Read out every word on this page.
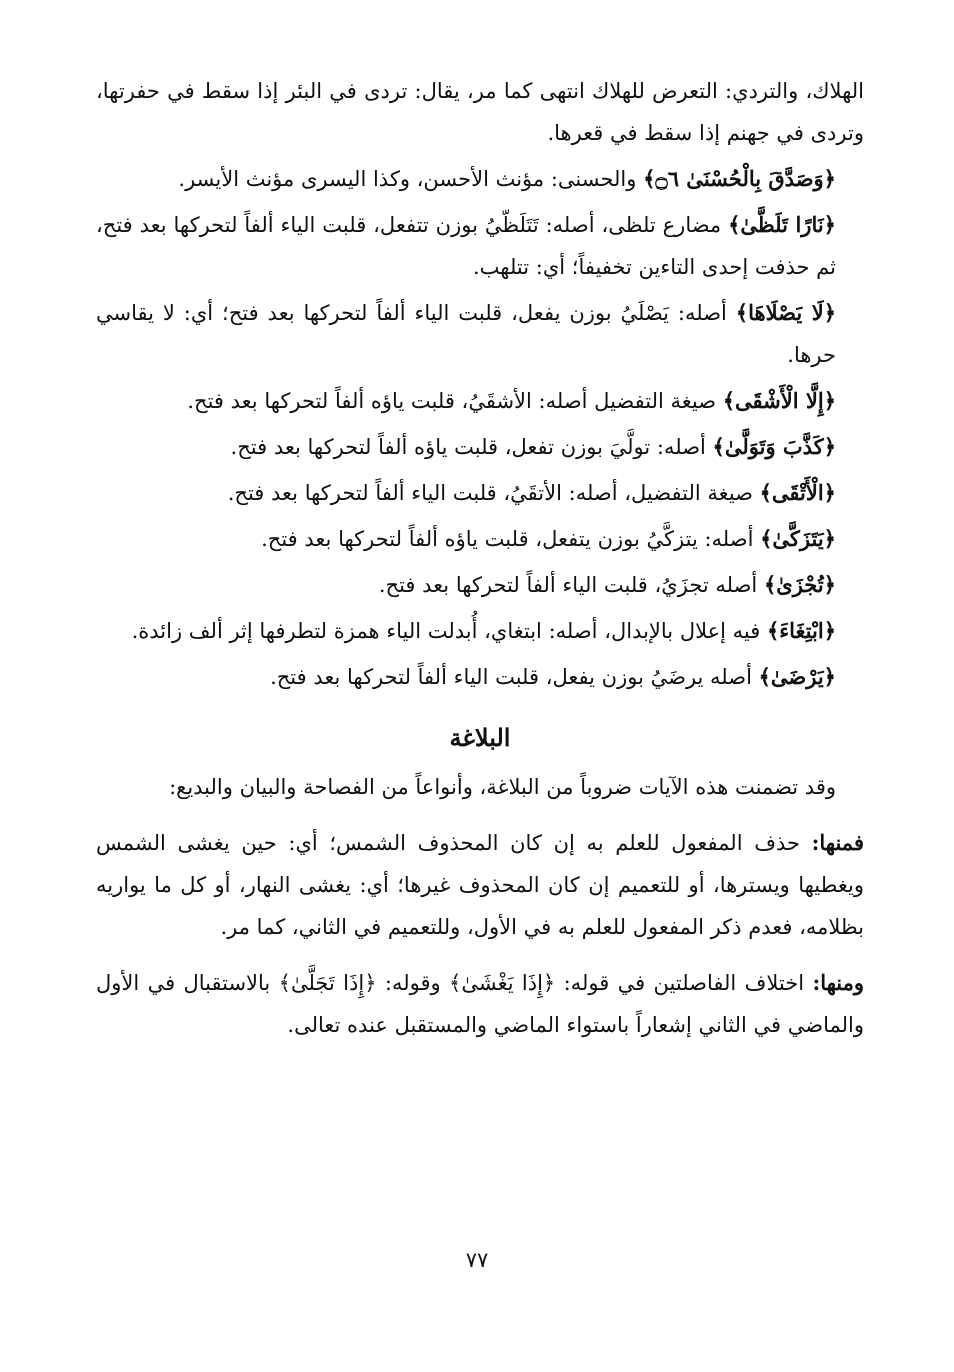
الهلاك، والتردي: التعرض للهلاك انتهى كما مر، يقال: تردى في البئر إذا سقط في حفرتها، وتردى في جهنم إذا سقط في قعرها.

﴿وَصَدَّقَ بِالْحُسْنَىٰ ۝٦﴾ والحسنى: مؤنث الأحسن، وكذا اليسرى مؤنث الأيسر.

﴿نَارًا تَلَظَّىٰ﴾ مضارع تلظى، أصله: تَتَلَظّيُ بوزن تتفعل، قلبت الياء ألفاً لتحركها بعد فتح، ثم حذفت إحدى التاءين تخفيفاً؛ أي: تتلهب.

﴿لَا يَصْلَاهَا﴾ أصله: يَصْلَيُ بوزن يفعل، قلبت الياء ألفاً لتحركها بعد فتح؛ أي: لا يقاسي حرها.

﴿إِلَّا الْأَشْقَى﴾ صيغة التفضيل أصله: الأشقَيُ، قلبت ياؤه ألفاً لتحركها بعد فتح.

﴿كَذَّبَ وَتَوَلَّىٰ﴾ أصله: تولَّيَ بوزن تفعل، قلبت ياؤه ألفاً لتحركها بعد فتح.

﴿الْأَتْقَى﴾ صيغة التفضيل، أصله: الأتقَيُ، قلبت الياء ألفاً لتحركها بعد فتح.

﴿يَتَزَكَّىٰ﴾ أصله: يتزكَّيُ بوزن يتفعل، قلبت ياؤه ألفاً لتحركها بعد فتح.

﴿تُجْزَىٰ﴾ أصله تجزَيُ، قلبت الياء ألفاً لتحركها بعد فتح.

﴿ابْتِغَاءَ﴾ فيه إعلال بالإبدال، أصله: ابتغاي، أُبدلت الياء همزة لتطرفها إثر ألف زائدة.

﴿يَرْضَىٰ﴾ أصله يرضَيُ بوزن يفعل، قلبت الياء ألفاً لتحركها بعد فتح.

البلاغة

وقد تضمنت هذه الآيات ضروباً من البلاغة، وأنواعاً من الفصاحة والبيان والبديع:

فمنها: حذف المفعول للعلم به إن كان المحذوف الشمس؛ أي: حين يغشى الشمس ويغطيها ويسترها، أو للتعميم إن كان المحذوف غيرها؛ أي: يغشى النهار، أو كل ما يواريه بظلامه، فعدم ذكر المفعول للعلم به في الأول، وللتعميم في الثاني، كما مر.

ومنها: اختلاف الفاصلتين في قوله: ﴿إِذَا يَغْشَىٰ﴾ وقوله: ﴿إِذَا تَجَلَّىٰ﴾ بالاستقبال في الأول والماضي في الثاني إشعاراً باستواء الماضي والمستقبل عنده تعالى.

٧٧
